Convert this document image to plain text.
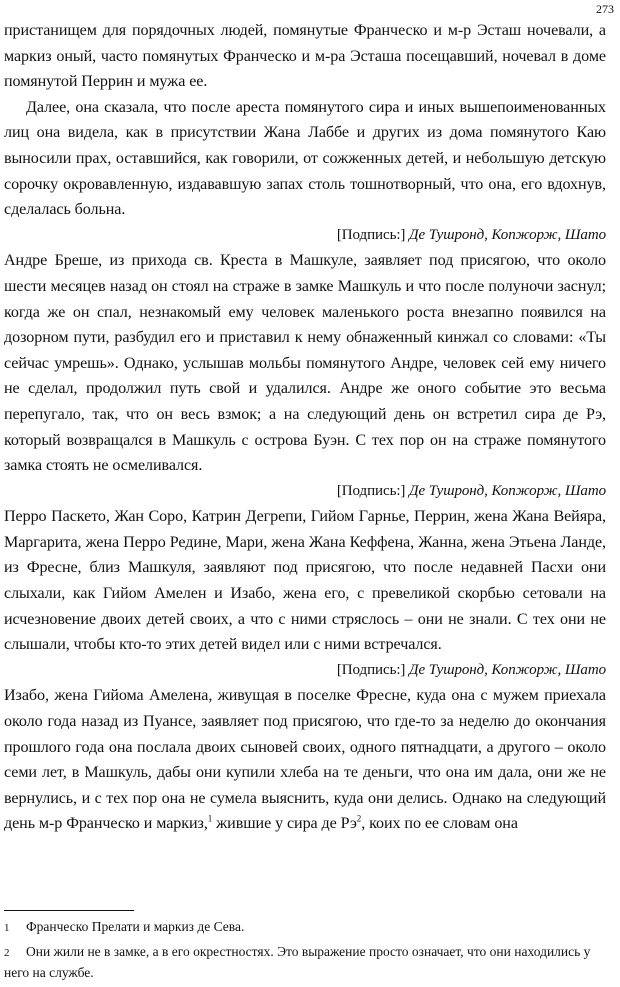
273

пристанищем для порядочных людей, помянутые Франческо и м-р Эсташ ночевали, а маркиз оный, часто помянутых Франческо и м-ра Эсташа посещавший, ночевал в доме помянутой Перрин и мужа ее.

Далее, она сказала, что после ареста помянутого сира и иных вышепоименованных лиц она видела, как в присутствии Жана Лаббе и других из дома помянутого Каю выносили прах, оставшийся, как говорили, от сожженных детей, и небольшую детскую сорочку окровавленную, издававшую запах столь тошнотворный, что она, его вдохнув, сделалась больна.

[Подпись:] Де Тушронд, Копжорж, Шато

Андре Бреше, из прихода св. Креста в Машкуле, заявляет под присягою, что около шести месяцев назад он стоял на страже в замке Машкуль и что после полуночи заснул; когда же он спал, незнакомый ему человек маленького роста внезапно появился на дозорном пути, разбудил его и приставил к нему обнаженный кинжал со словами: «Ты сейчас умрешь». Однако, услышав мольбы помянутого Андре, человек сей ему ничего не сделал, продолжил путь свой и удалился. Андре же оного событие это весьма перепугало, так, что он весь взмок; а на следующий день он встретил сира де Рэ, который возвращался в Машкуль с острова Буэн. С тех пор он на страже помянутого замка стоять не осмеливался.

[Подпись:] Де Тушронд, Копжорж, Шато

Перро Паскето, Жан Соро, Катрин Дегрепи, Гийом Гарнье, Перрин, жена Жана Вейяра, Маргарита, жена Перро Редине, Мари, жена Жана Кеффена, Жанна, жена Этьена Ланде, из Фресне, близ Машкуля, заявляют под присягою, что после недавней Пасхи они слыхали, как Гийом Амелен и Изабо, жена его, с превеликой скорбью сетовали на исчезновение двоих детей своих, а что с ними стряслось – они не знали. С тех они не слышали, чтобы кто-то этих детей видел или с ними встречался.

[Подпись:] Де Тушронд, Копжорж, Шато

Изабо, жена Гийома Амелена, живущая в поселке Фресне, куда она с мужем приехала около года назад из Пуансе, заявляет под присягою, что где-то за неделю до окончания прошлого года она послала двоих сыновей своих, одного пятнадцати, а другого – около семи лет, в Машкуль, дабы они купили хлеба на те деньги, что она им дала, они же не вернулись, и с тех пор она не сумела выяснить, куда они делись. Однако на следующий день м-р Франческо и маркиз,$^1$ жившие у сира де $Рэ^2$, коих по ее словам она

1 Франческо Прелати и маркиз де Сева.

2 Они жили не в замке, а в его окрестностях. Это выражение просто означает, что они находились у него на службе.
